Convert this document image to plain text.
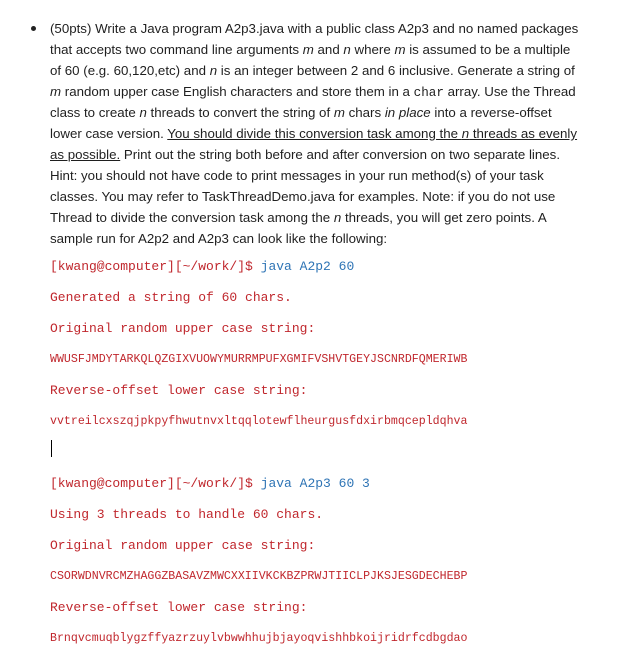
(50pts) Write a Java program A2p3.java with a public class A2p3 and no named packages
that accepts two command line arguments m and n where m is assumed to be a multiple
of 60 (e.g. 60,120,etc) and n is an integer between 2 and 6 inclusive. Generate a string of
m random upper case English characters and store them in a char array. Use the Thread
class to create n threads to convert the string of m chars in place into a reverse-offset
lower case version. You should divide this conversion task among the n threads as evenly
as possible. Print out the string both before and after conversion on two separate lines.
Hint: you should not have code to print messages in your run method(s) of your task
classes. You may refer to TaskThreadDemo.java for examples. Note: if you do not use
Thread to divide the conversion task among the n threads, you will get zero points. A
sample run for A2p2 and A2p3 can look like the following:
[kwang@computer][~/work/]$ java A2p2 60
Generated a string of 60 chars.
Original random upper case string:
WWUSFJMDYTARKQLQZGIXVUOWYMURRMPUFXGMIFVSHVTGEYJSCNRDFQMERIWB
Reverse-offset lower case string:
vvtreilcxszqjpkpyfhwutnvxltqqlotewflheurgusfdxirbmqcepldqhva
[kwang@computer][~/work/]$ java A2p3 60 3
Using 3 threads to handle 60 chars.
Original random upper case string:
CSORWDNVRCMZHAGGZBASAVZMWCXXIIVKCKBZPRWJTIICLPJKSJESGDECHEBP
Reverse-offset lower case string:
Brnqvcmuqblygzffyazrzuylvbwwhhujbjayoqvishhbkoijridrfcdbgdao
